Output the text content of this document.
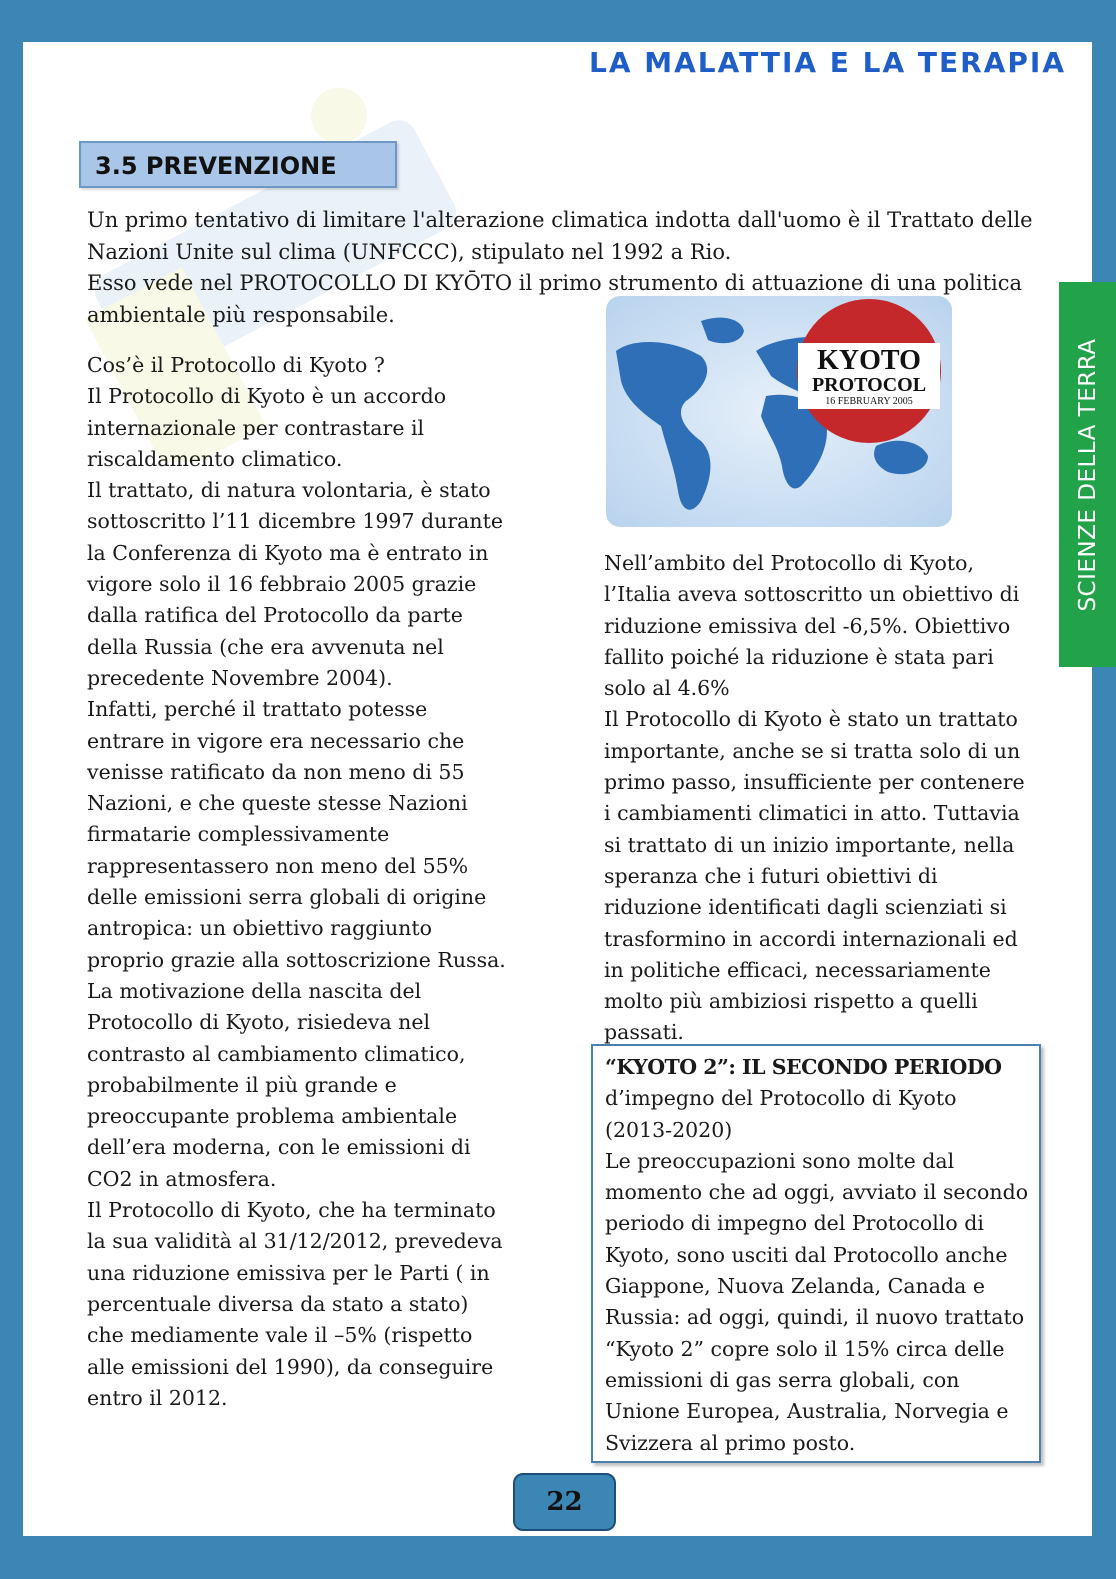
LA MALATTIA E LA TERAPIA
3.5 PREVENZIONE
SCIENZE DELLA TERRA

Un primo tentativo di limitare l'alterazione climatica indotta dall'uomo è il Trattato delle Nazioni Unite sul clima (UNFCCC), stipulato nel 1992 a Rio.
Esso vede nel PROTOCOLLO DI KYŌTO il primo strumento di attuazione di una politica ambientale più responsabile.

Cos’è il Protocollo di Kyoto ?

Il Protocollo di Kyoto è un accordo internazionale per contrastare il riscaldamento climatico.

Il trattato, di natura volontaria, è stato sottoscritto l’11 dicembre 1997 durante la Conferenza di Kyoto ma è entrato in vigore solo il 16 febbraio 2005 grazie dalla ratifica del Protocollo da parte della Russia (che era avvenuta nel precedente Novembre 2004).

Infatti, perché il trattato potesse entrare in vigore era necessario che venisse ratificato da non meno di 55 Nazioni, e che queste stesse Nazioni firmatarie complessivamente rappresentassero non meno del 55% delle emissioni serra globali di origine antropica: un obiettivo raggiunto proprio grazie alla sottoscrizione Russa.

La motivazione della nascita del Protocollo di Kyoto, risiedeva nel contrasto al cambiamento climatico, probabilmente il più grande e preoccupante problema ambientale dell’era moderna, con le emissioni di CO2 in atmosfera.

Il Protocollo di Kyoto, che ha terminato la sua validità al 31/12/2012, prevedeva una riduzione emissiva per le Parti ( in percentuale diversa da stato a stato) che mediamente vale il –5% (rispetto alle emissioni del 1990), da conseguire entro il 2012.

KYOTO
PROTOCOL
16 FEBRUARY 2005

Nell’ambito del Protocollo di Kyoto, l’Italia aveva sottoscritto un obiettivo di riduzione emissiva del -6,5%. Obiettivo fallito poiché la riduzione è stata pari solo al 4.6%

Il Protocollo di Kyoto è stato un trattato importante, anche se si tratta solo di un primo passo, insufficiente per contenere i cambiamenti climatici in atto. Tuttavia si trattato di un inizio importante, nella speranza che i futuri obiettivi di riduzione identificati dagli scienziati si trasformino in accordi internazionali ed in politiche efficaci, necessariamente molto più ambiziosi rispetto a quelli passati.

“KYOTO 2”: IL SECONDO PERIODO d’impegno del Protocollo di Kyoto (2013-2020)
Le preoccupazioni sono molte dal momento che ad oggi, avviato il secondo periodo di impegno del Protocollo di Kyoto, sono usciti dal Protocollo anche Giappone, Nuova Zelanda, Canada e Russia: ad oggi, quindi, il nuovo trattato “Kyoto 2” copre solo il 15% circa delle emissioni di gas serra globali, con Unione Europea, Australia, Norvegia e Svizzera al primo posto.

22
